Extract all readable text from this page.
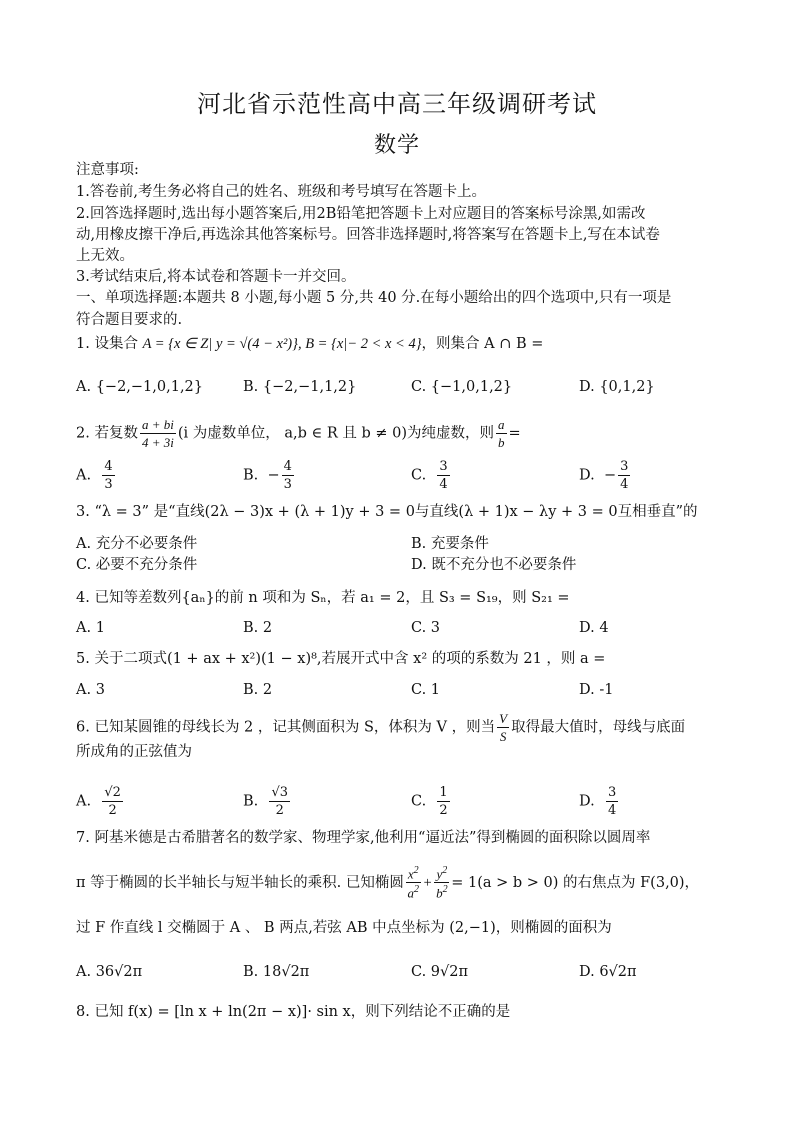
河北省示范性高中高三年级调研考试
数学
注意事项:
1.答卷前,考生务必将自己的姓名、班级和考号填写在答题卡上。
2.回答选择题时,选出每小题答案后,用2B铅笔把答题卡上对应题目的答案标号涂黑,如需改
动,用橡皮擦干净后,再选涂其他答案标号。回答非选择题时,将答案写在答题卡上,写在本试卷
上无效。
3.考试结束后,将本试卷和答题卡一并交回。
一、单项选择题:本题共 8 小题,每小题 5 分,共 40 分.在每小题给出的四个选项中,只有一项是
符合题目要求的.
1. 设集合 A = {x ∈ Z| y = √(4 − x²)}, B = {x|− 2 < x < 4}，则集合 A ∩ B =
A. {−2,−1,0,1,2}	B. {−2,−1,1,2}	C. {−1,0,1,2}	D. {0,1,2}
2. 若复数 $\frac{a + bi}{4 + 3i} (i$ 为虚数单位， a,b ∈ R 且 b ≠ 0)为纯虚数，则 $\frac{a}{b}$ =
A. $\frac{4}{3}$	B. − $\frac{4}{3}$	C. $\frac{3}{4}$	D. − $\frac{3}{4}$
3. “λ = 3” 是“直线(2λ − 3)x + (λ + 1)y + 3 = 0与直线(λ + 1)x − λy + 3 = 0互相垂直”的
A. 充分不必要条件	B. 充要条件
C. 必要不充分条件	D. 既不充分也不必要条件
4. 已知等差数列{aₙ}的前 n 项和为 Sₙ，若 a₁ = 2，且 S₃ = S₁₉，则 S₂₁ =
A. 1	B. 2	C. 3	D. 4
5. 关于二项式(1 + ax + x²)(1 − x)⁸,若展开式中含 x² 的项的系数为 21 ，则 a =
A. 3	B. 2	C. 1	D. -1
6. 已知某圆锥的母线长为 2 ，记其侧面积为 S，体积为 V ，则当 $\frac{V}{S}$ 取得最大值时，母线与底面
所成角的正弦值为
A. $\frac{√2}{2}$	B. $\frac{√3}{2}$	C. $\frac{1}{2}$	D. $\frac{3}{4}$
7. 阿基米德是古希腊著名的数学家、物理学家,他利用“逼近法”得到椭圆的面积除以圆周率
π 等于椭圆的长半轴长与短半轴长的乘积. 已知椭圆 $\frac{x^2}{a^2} + \frac{y^2}{b^2} = 1(a > b > 0)$ 的右焦点为 F(3,0)，
过 F 作直线 l 交椭圆于 A 、 B 两点,若弦 AB 中点坐标为 (2,−1)，则椭圆的面积为
A. 36√2π	B. 18√2π	C. 9√2π	D. 6√2π
8. 已知 f(x) = [ln x + ln(2π − x)]· sin x，则下列结论不正确的是
